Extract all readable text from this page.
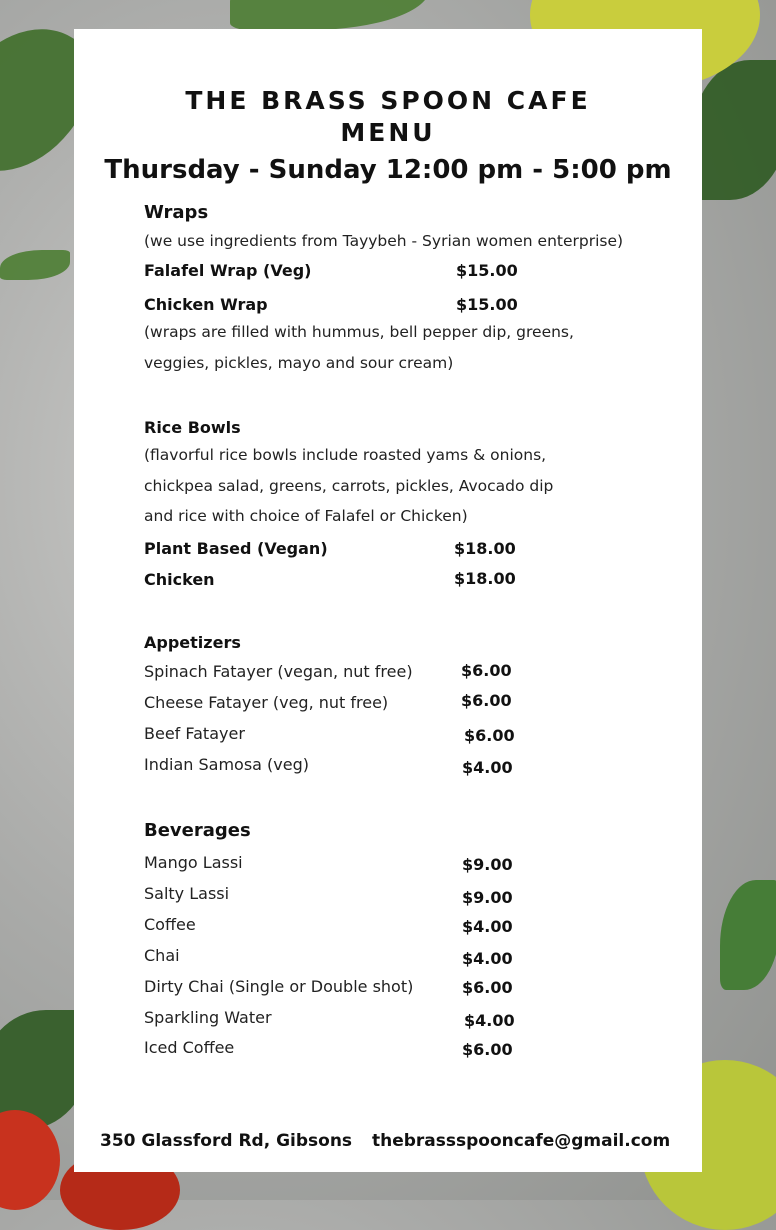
THE BRASS SPOON CAFE
MENU
Thursday - Sunday 12:00 pm - 5:00 pm
350 Glassford Rd, Gibsons thebrassspooncafe@gmail.com
Wraps
(we use ingredients from Tayybeh - Syrian women enterprise)
Falafel Wrap (Veg)	$15.00
Chicken Wrap	$15.00
(wraps are filled with hummus, bell pepper dip, greens,
veggies, pickles, mayo and sour cream)
Rice Bowls
(flavorful rice bowls include roasted yams & onions,
chickpea salad, greens, carrots, pickles, Avocado dip
and rice with choice of Falafel or Chicken)
Plant Based (Vegan)	$18.00
Chicken	$18.00
Appetizers
Spinach Fatayer (vegan, nut free)	$6.00
Cheese Fatayer (veg, nut free)	$6.00
Beef Fatayer	$6.00
Indian Samosa (veg)	$4.00
Beverages
Mango Lassi	$9.00
Salty Lassi	$9.00
Coffee	$4.00
Chai	$4.00
Dirty Chai (Single or Double shot)	$6.00
Sparkling Water	$4.00
Iced Coffee	$6.00
